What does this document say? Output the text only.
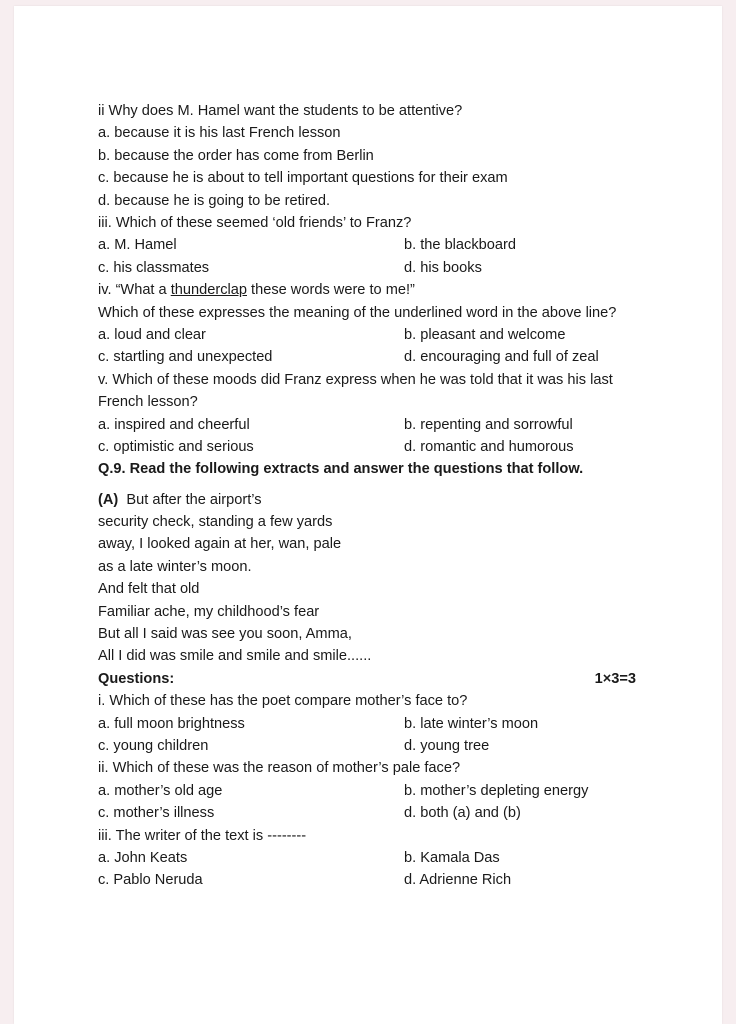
ii Why does M. Hamel want the students to be attentive?
a. because it is his last French lesson
b. because the order has come from Berlin
c. because he is about to tell important questions for their exam
d. because he is going to be retired.
iii. Which of these seemed ‘old friends’ to Franz?
a. M. Hamel	b. the blackboard
c. his classmates	d. his books
iv. “What a thunderclap these words were to me!”
Which of these expresses the meaning of the underlined word in the above line?
a. loud and clear	b. pleasant and welcome
c. startling and unexpected	d. encouraging and full of zeal
v. Which of these moods did Franz express when he was told that it was his last French lesson?
a. inspired and cheerful	b. repenting and sorrowful
c. optimistic and serious	d. romantic and humorous
Q.9. Read the following extracts and answer the questions that follow.
(A) But after the airport’s
security check, standing a few yards
away, I looked again at her, wan, pale
as a late winter’s moon.
And felt that old
Familiar ache, my childhood’s fear
But all I said was see you soon, Amma,
All I did was smile and smile and smile......
Questions:	1×3=3
i. Which of these has the poet compare mother’s face to?
a. full moon brightness	b. late winter’s moon
c. young children	d. young tree
ii. Which of these was the reason of mother’s pale face?
a. mother’s old age	b. mother’s depleting energy
c. mother’s illness	d. both (a) and (b)
iii. The writer of the text is --------
a. John Keats	b. Kamala Das
c. Pablo Neruda	d. Adrienne Rich
